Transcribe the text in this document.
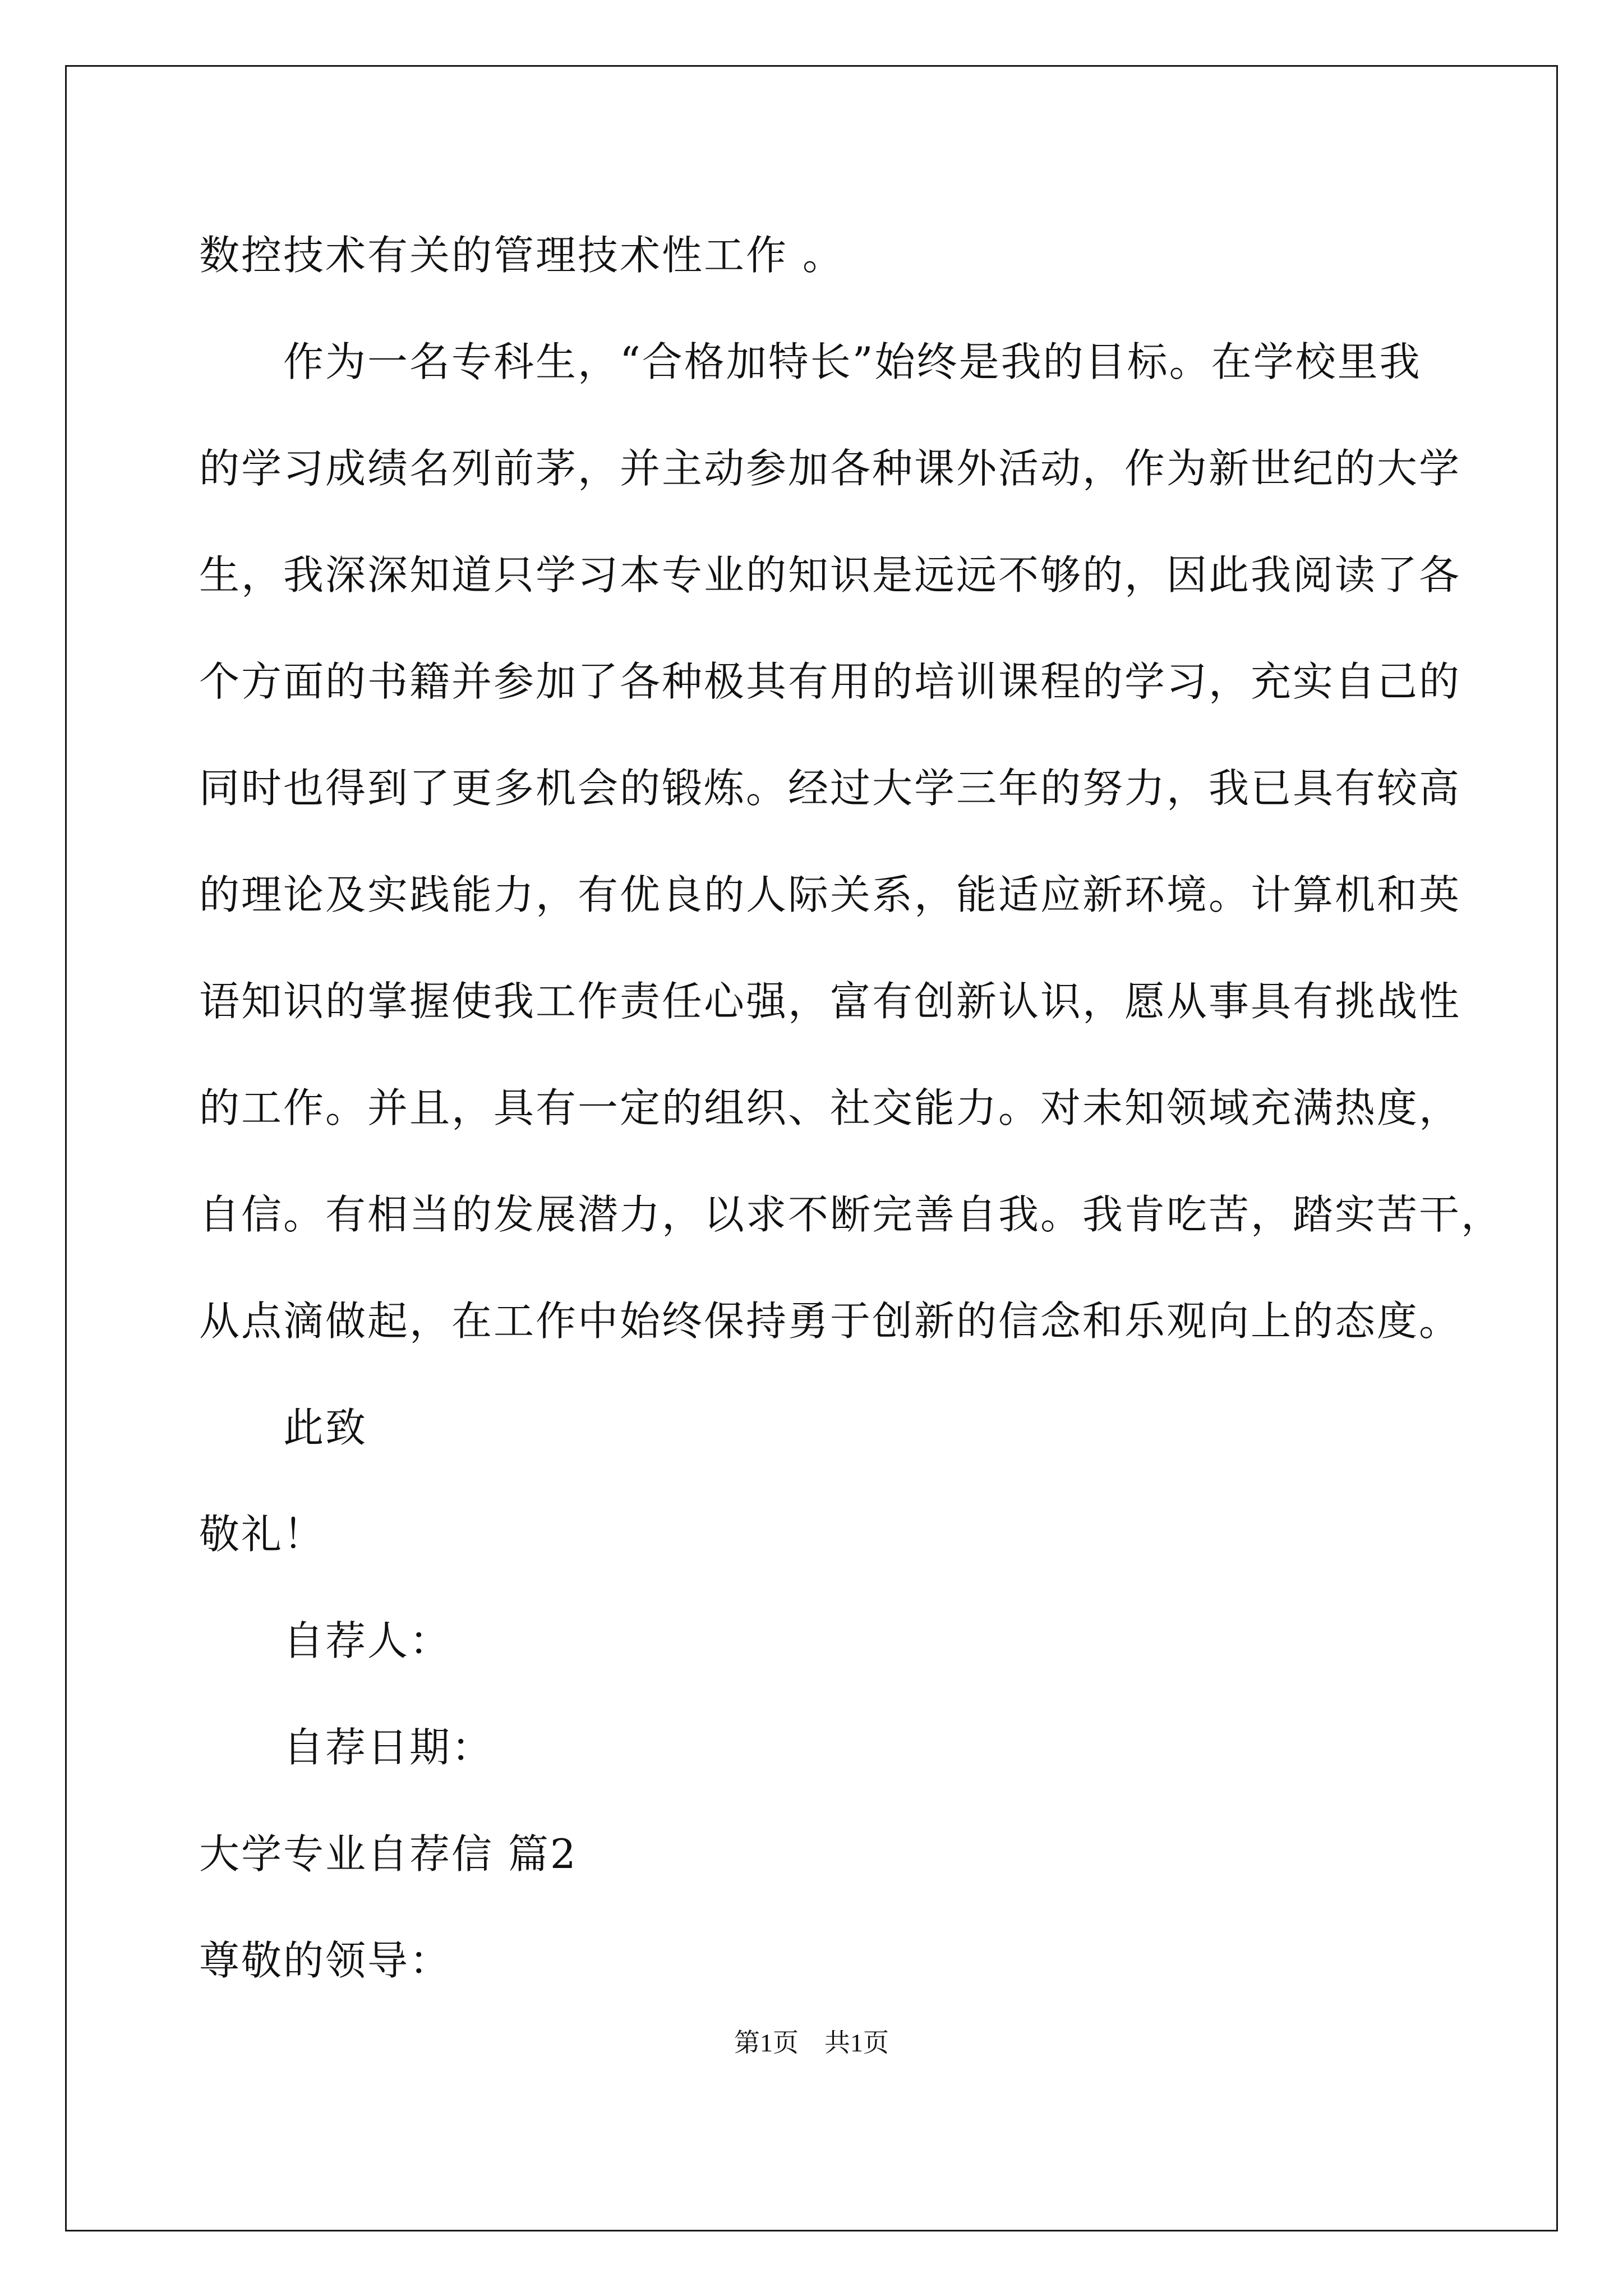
数控技术有关的管理技术性工作 。
作为一名专科生，“合格加特长”始终是我的目标。在学校里我
的学习成绩名列前茅，并主动参加各种课外活动，作为新世纪的大学
生，我深深知道只学习本专业的知识是远远不够的，因此我阅读了各
个方面的书籍并参加了各种极其有用的培训课程的学习，充实自己的
同时也得到了更多机会的锻炼。经过大学三年的努力，我已具有较高
的理论及实践能力，有优良的人际关系，能适应新环境。计算机和英
语知识的掌握使我工作责任心强，富有创新认识，愿从事具有挑战性
的工作。并且，具有一定的组织、社交能力。对未知领域充满热度，
自信。有相当的发展潜力，以求不断完善自我。我肯吃苦，踏实苦干，
从点滴做起，在工作中始终保持勇于创新的信念和乐观向上的态度。
此致
敬礼！
自荐人：
自荐日期：
大学专业自荐信 篇2
尊敬的领导：
第1页　共1页
